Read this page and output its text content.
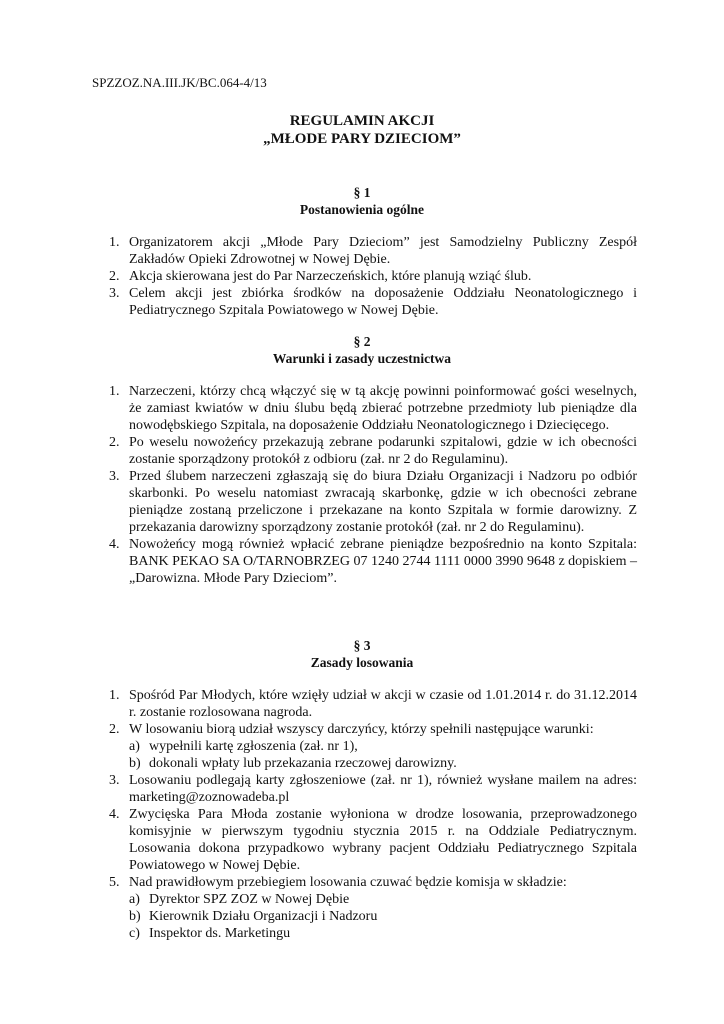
SPZZOZ.NA.III.JK/BC.064-4/13
REGULAMIN AKCJI
„MŁODE PARY DZIECIOM”
§ 1
Postanowienia ogólne
1. Organizatorem akcji „Młode Pary Dzieciom” jest Samodzielny Publiczny Zespół Zakładów Opieki Zdrowotnej w Nowej Dębie.
2. Akcja skierowana jest do Par Narzeczeńskich, które planują wziąć ślub.
3. Celem akcji jest zbiórka środków na doposażenie Oddziału Neonatologicznego i Pediatrycznego Szpitala Powiatowego w Nowej Dębie.
§ 2
Warunki i zasady uczestnictwa
1. Narzeczeni, którzy chcą włączyć się w tą akcję powinni poinformować gości weselnych, że zamiast kwiatów w dniu ślubu będą zbierać potrzebne przedmioty lub pieniądze dla nowodębskiego Szpitala, na doposażenie Oddziału Neonatologicznego i Dziecięcego.
2. Po weselu nowożeńcy przekazują zebrane podarunki szpitalowi, gdzie w ich obecności zostanie sporządzony protokół z odbioru (zał. nr 2 do Regulaminu).
3. Przed ślubem narzeczeni zgłaszają się do biura Działu Organizacji i Nadzoru po odbiór skarbonki. Po weselu natomiast zwracają skarbonkę, gdzie w ich obecności zebrane pieniądze zostaną przeliczone i przekazane na konto Szpitala w formie darowizny. Z przekazania darowizny sporządzony zostanie protokół (zał. nr 2 do Regulaminu).
4. Nowożeńcy mogą również wpłacić zebrane pieniądze bezpośrednio na konto Szpitala: BANK PEKAO SA O/TARNOBRZEG 07 1240 2744 1111 0000 3990 9648 z dopiskiem – „Darowizna. Młode Pary Dzieciom”.
§ 3
Zasady losowania
1. Spośród Par Młodych, które wzięły udział w akcji w czasie od 1.01.2014 r. do 31.12.2014 r. zostanie rozlosowana nagroda.
2. W losowaniu biorą udział wszyscy darczyńcy, którzy spełnili następujące warunki:
a) wypełnili kartę zgłoszenia (zał. nr 1),
b) dokonali wpłaty lub przekazania rzeczowej darowizny.
3. Losowaniu podlegają karty zgłoszeniowe (zał. nr 1), również wysłane mailem na adres: marketing@zoznowadeba.pl
4. Zwycięska Para Młoda zostanie wyłoniona w drodze losowania, przeprowadzonego komisyjnie w pierwszym tygodniu stycznia 2015 r. na Oddziale Pediatrycznym. Losowania dokona przypadkowo wybrany pacjent Oddziału Pediatrycznego Szpitala Powiatowego w Nowej Dębie.
5. Nad prawidłowym przebiegiem losowania czuwać będzie komisja w składzie:
a) Dyrektor SPZ ZOZ w Nowej Dębie
b) Kierownik Działu Organizacji i Nadzoru
c) Inspektor ds. Marketingu
